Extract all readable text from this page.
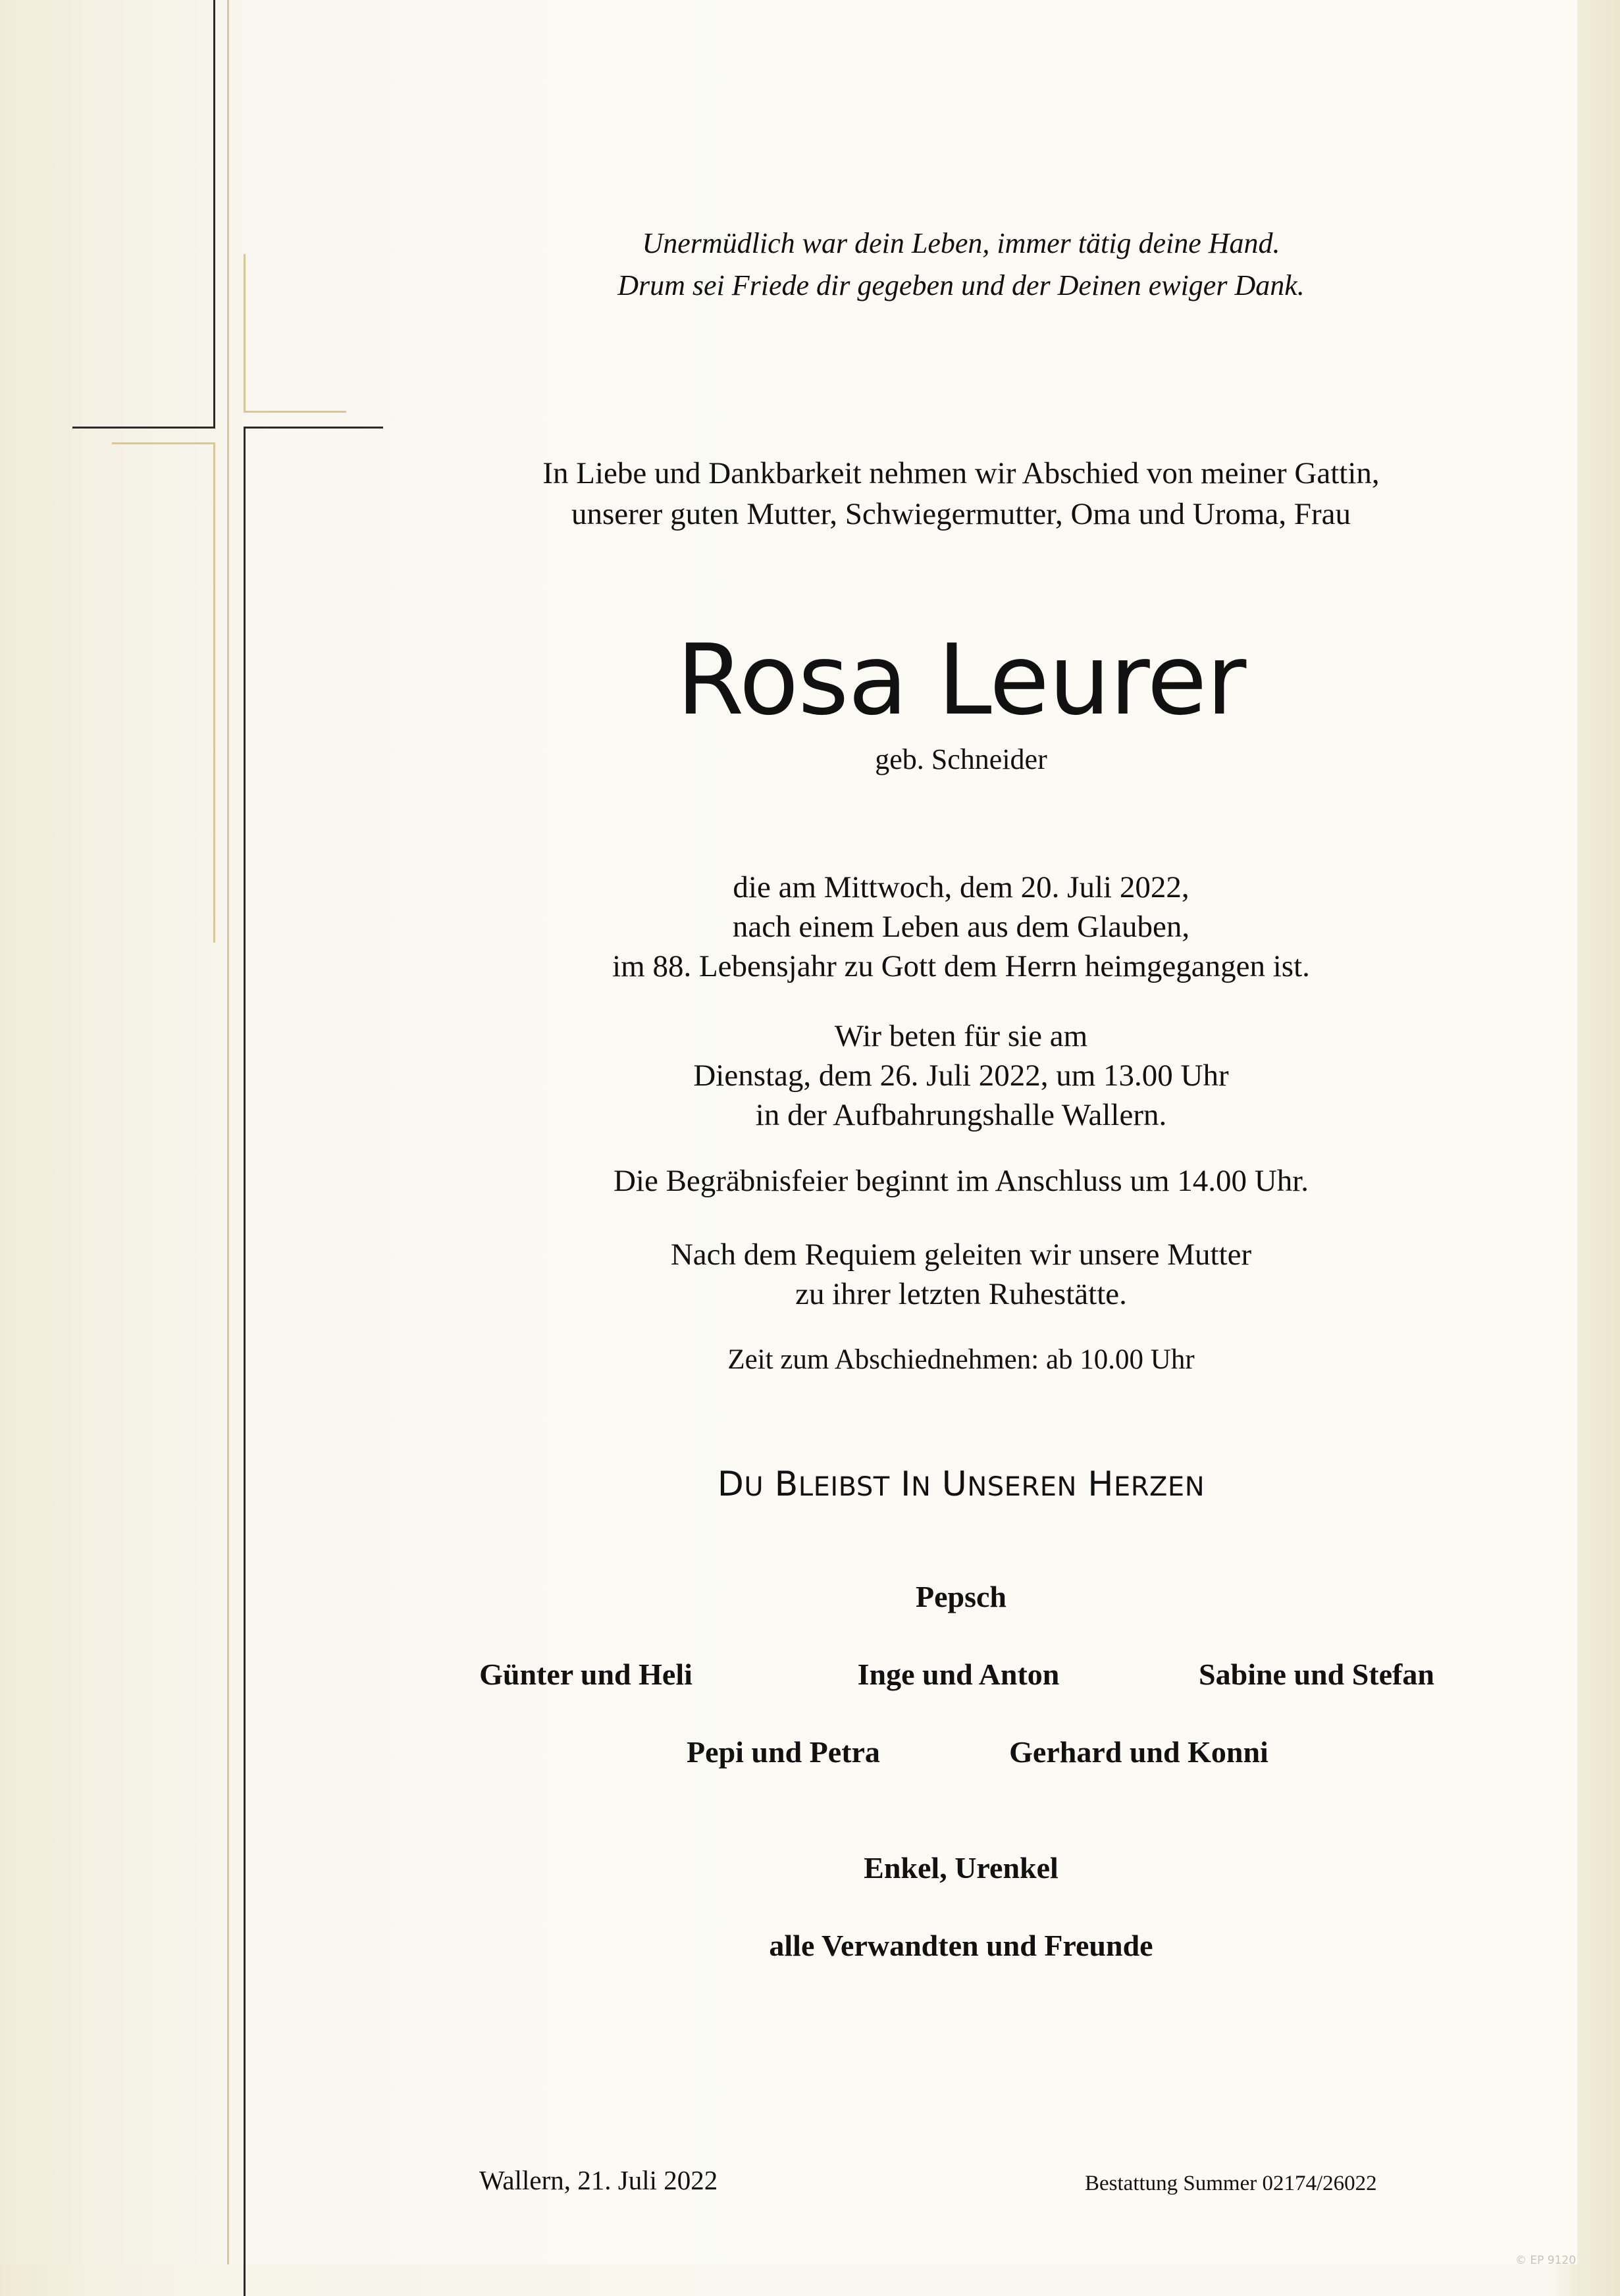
Unermüdlich war dein Leben, immer tätig deine Hand.
Drum sei Friede dir gegeben und der Deinen ewiger Dank.
In Liebe und Dankbarkeit nehmen wir Abschied von meiner Gattin,
unserer guten Mutter, Schwiegermutter, Oma und Uroma, Frau
Rosa Leurer
geb. Schneider
die am Mittwoch, dem 20. Juli 2022,
nach einem Leben aus dem Glauben,
im 88. Lebensjahr zu Gott dem Herrn heimgegangen ist.
Wir beten für sie am
Dienstag, dem 26. Juli 2022, um 13.00 Uhr
in der Aufbahrungshalle Wallern.
Die Begräbnisfeier beginnt im Anschluss um 14.00 Uhr.
Nach dem Requiem geleiten wir unsere Mutter
zu ihrer letzten Ruhestätte.
Zeit zum Abschiednehmen: ab 10.00 Uhr
DU BLEIBST IN UNSEREN HERZEN
Pepsch
Günter und Heli	Inge und Anton	Sabine und Stefan
Pepi und Petra	Gerhard und Konni
Enkel, Urenkel
alle Verwandten und Freunde
Wallern, 21. Juli 2022	Bestattung Summer 02174/26022
© EP 9120
